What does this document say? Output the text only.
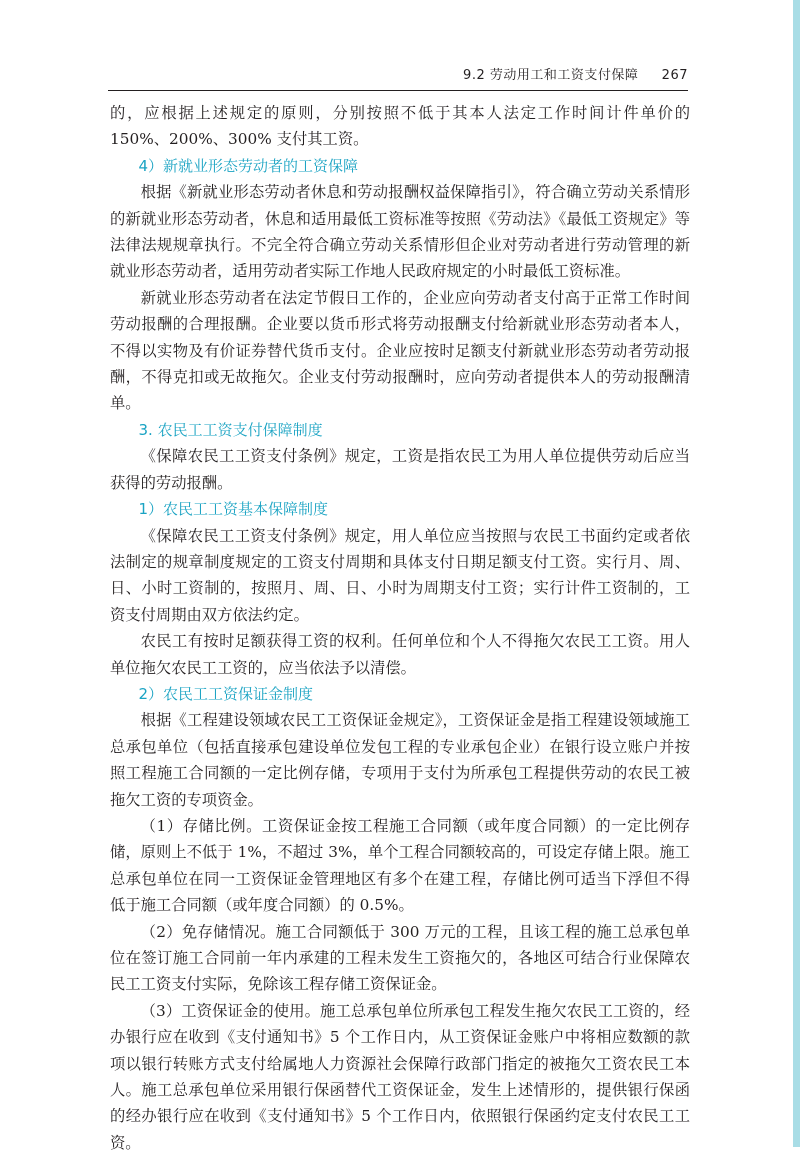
9.2 劳动用工和工资支付保障 267

的，应根据上述规定的原则，分别按照不低于其本人法定工作时间计件单价的 150%、200%、300% 支付其工资。

4）新就业形态劳动者的工资保障

根据《新就业形态劳动者休息和劳动报酬权益保障指引》，符合确立劳动关系情形的新就业形态劳动者，休息和适用最低工资标准等按照《劳动法》《最低工资规定》等法律法规规章执行。不完全符合确立劳动关系情形但企业对劳动者进行劳动管理的新就业形态劳动者，适用劳动者实际工作地人民政府规定的小时最低工资标准。

新就业形态劳动者在法定节假日工作的，企业应向劳动者支付高于正常工作时间劳动报酬的合理报酬。企业要以货币形式将劳动报酬支付给新就业形态劳动者本人，不得以实物及有价证券替代货币支付。企业应按时足额支付新就业形态劳动者劳动报酬，不得克扣或无故拖欠。企业支付劳动报酬时，应向劳动者提供本人的劳动报酬清单。

3. 农民工工资支付保障制度

《保障农民工工资支付条例》规定，工资是指农民工为用人单位提供劳动后应当获得的劳动报酬。

1）农民工工资基本保障制度

《保障农民工工资支付条例》规定，用人单位应当按照与农民工书面约定或者依法制定的规章制度规定的工资支付周期和具体支付日期足额支付工资。实行月、周、日、小时工资制的，按照月、周、日、小时为周期支付工资；实行计件工资制的，工资支付周期由双方依法约定。

农民工有按时足额获得工资的权利。任何单位和个人不得拖欠农民工工资。用人单位拖欠农民工工资的，应当依法予以清偿。

2）农民工工资保证金制度

根据《工程建设领域农民工工资保证金规定》，工资保证金是指工程建设领域施工总承包单位（包括直接承包建设单位发包工程的专业承包企业）在银行设立账户并按照工程施工合同额的一定比例存储，专项用于支付为所承包工程提供劳动的农民工被拖欠工资的专项资金。

（1）存储比例。工资保证金按工程施工合同额（或年度合同额）的一定比例存储，原则上不低于 1%，不超过 3%，单个工程合同额较高的，可设定存储上限。施工总承包单位在同一工资保证金管理地区有多个在建工程，存储比例可适当下浮但不得低于施工合同额（或年度合同额）的 0.5%。

（2）免存储情况。施工合同额低于 300 万元的工程，且该工程的施工总承包单位在签订施工合同前一年内承建的工程未发生工资拖欠的，各地区可结合行业保障农民工工资支付实际，免除该工程存储工资保证金。

（3）工资保证金的使用。施工总承包单位所承包工程发生拖欠农民工工资的，经办银行应在收到《支付通知书》5 个工作日内，从工资保证金账户中将相应数额的款项以银行转账方式支付给属地人力资源社会保障行政部门指定的被拖欠工资农民工本人。施工总承包单位采用银行保函替代工资保证金，发生上述情形的，提供银行保函的经办银行应在收到《支付通知书》5 个工作日内，依照银行保函约定支付农民工工资。
